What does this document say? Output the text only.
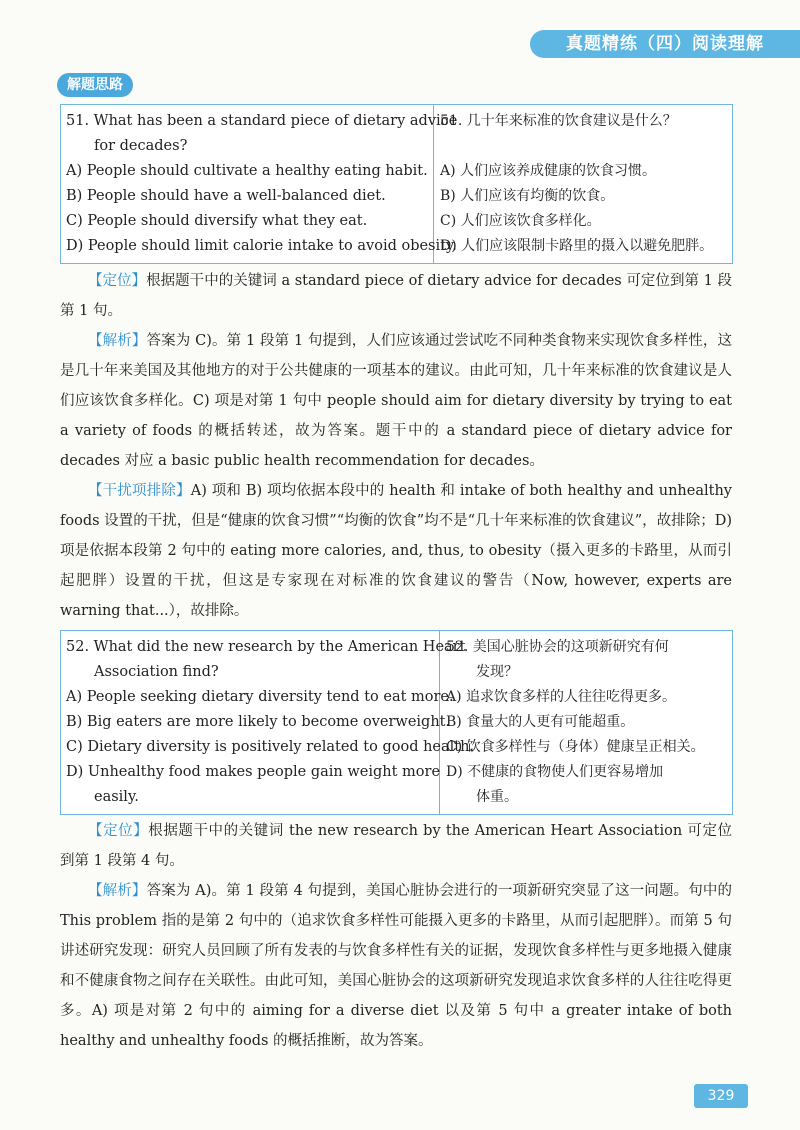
真题精练（四）阅读理解
解题思路
51. What has been a standard piece of dietary advice
for decades?
A) People should cultivate a healthy eating habit.
B) People should have a well-balanced diet.
C) People should diversify what they eat.
D) People should limit calorie intake to avoid obesity.
51. 几十年来标准的饮食建议是什么？
A) 人们应该养成健康的饮食习惯。
B) 人们应该有均衡的饮食。
C) 人们应该饮食多样化。
D) 人们应该限制卡路里的摄入以避免肥胖。
【定位】根据题干中的关键词 a standard piece of dietary advice for decades 可定位到第 1 段第 1 句。
【解析】答案为 C)。第 1 段第 1 句提到，人们应该通过尝试吃不同种类食物来实现饮食多样性，这是几十年来美国及其他地方的对于公共健康的一项基本的建议。由此可知，几十年来标准的饮食建议是人们应该饮食多样化。C) 项是对第 1 句中 people should aim for dietary diversity by trying to eat a variety of foods 的概括转述，故为答案。题干中的 a standard piece of dietary advice for decades 对应 a basic public health recommendation for decades。
【干扰项排除】A) 项和 B) 项均依据本段中的 health 和 intake of both healthy and unhealthy foods 设置的干扰，但是“健康的饮食习惯”“均衡的饮食”均不是“几十年来标准的饮食建议”，故排除；D) 项是依据本段第 2 句中的 eating more calories, and, thus, to obesity（摄入更多的卡路里，从而引起肥胖）设置的干扰，但这是专家现在对标准的饮食建议的警告（Now, however, experts are warning that...），故排除。
52. What did the new research by the American Heart
Association find?
A) People seeking dietary diversity tend to eat more.
B) Big eaters are more likely to become overweight.
C) Dietary diversity is positively related to good health.
D) Unhealthy food makes people gain weight more
easily.
52. 美国心脏协会的这项新研究有何
发现？
A) 追求饮食多样的人往往吃得更多。
B) 食量大的人更有可能超重。
C) 饮食多样性与（身体）健康呈正相关。
D) 不健康的食物使人们更容易增加
体重。
【定位】根据题干中的关键词 the new research by the American Heart Association 可定位到第 1 段第 4 句。
【解析】答案为 A)。第 1 段第 4 句提到，美国心脏协会进行的一项新研究突显了这一问题。句中的 This problem 指的是第 2 句中的（追求饮食多样性可能摄入更多的卡路里，从而引起肥胖）。而第 5 句讲述研究发现：研究人员回顾了所有发表的与饮食多样性有关的证据，发现饮食多样性与更多地摄入健康和不健康食物之间存在关联性。由此可知，美国心脏协会的这项新研究发现追求饮食多样的人往往吃得更多。A) 项是对第 2 句中的 aiming for a diverse diet 以及第 5 句中 a greater intake of both healthy and unhealthy foods 的概括推断，故为答案。
329
